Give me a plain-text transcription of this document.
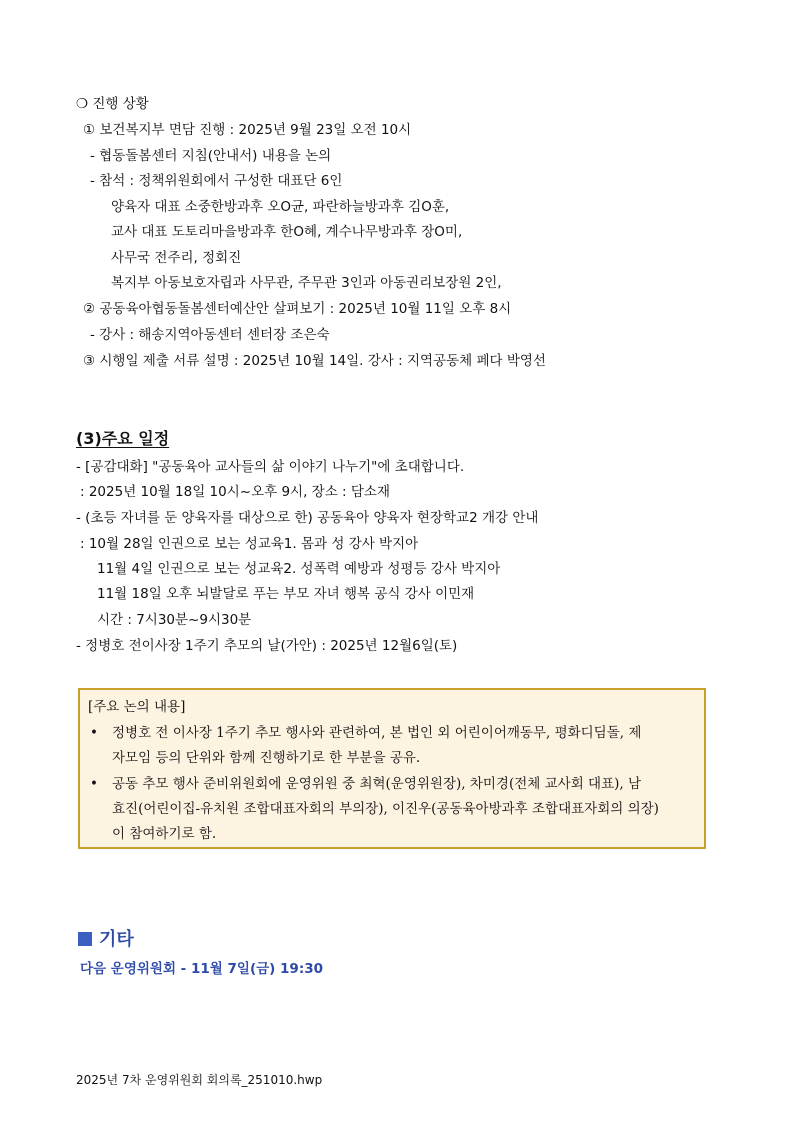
❍ 진행 상황
① 보건복지부 면담 진행 : 2025년 9월 23일 오전 10시
- 협동돌봄센터 지침(안내서) 내용을 논의
- 참석 : 정책위원회에서 구성한 대표단 6인
양육자 대표 소중한방과후 오O균, 파란하늘방과후 김O훈,
교사 대표 도토리마을방과후 한O혜, 계수나무방과후 장O미,
사무국 전주리, 정회진
복지부 아동보호자립과 사무관, 주무관 3인과 아동권리보장원 2인,
② 공동육아협동돌봄센터예산안 살펴보기 : 2025년 10월 11일 오후 8시
- 강사 : 해송지역아동센터 센터장 조은숙
③ 시행일 제출 서류 설명 : 2025년 10월 14일. 강사 : 지역공동체 페다 박영선
(3)주요 일정
- [공감대화] "공동육아 교사들의 삶 이야기 나누기"에 초대합니다.
: 2025년 10월 18일 10시~오후 9시, 장소 : 담소재
- (초등 자녀를 둔 양육자를 대상으로 한) 공동육아 양육자 현장학교2 개강 안내
: 10월 28일 인권으로 보는 성교육1. 몸과 성 강사 박지아
11월 4일 인권으로 보는 성교육2. 성폭력 예방과 성평등 강사 박지아
11월 18일 오후 뇌발달로 푸는 부모 자녀 행복 공식 강사 이민재
시간 : 7시30분~9시30분
- 정병호 전이사장 1주기 추모의 날(가안) : 2025년 12월6일(토)
[주요 논의 내용]
• 정병호 전 이사장 1주기 추모 행사와 관련하여, 본 법인 외 어린이어깨동무, 평화디딤돌, 제
자모임 등의 단위와 함께 진행하기로 한 부분을 공유.
• 공동 추모 행사 준비위원회에 운영위원 중 최혁(운영위원장), 차미경(전체 교사회 대표), 남
효진(어린이집-유치원 조합대표자회의 부의장), 이진우(공동육아방과후 조합대표자회의 의장)
이 참여하기로 함.
기타
다음 운영위원회 - 11월 7일(금) 19:30
2025년 7차 운영위원회 회의록_251010.hwp
